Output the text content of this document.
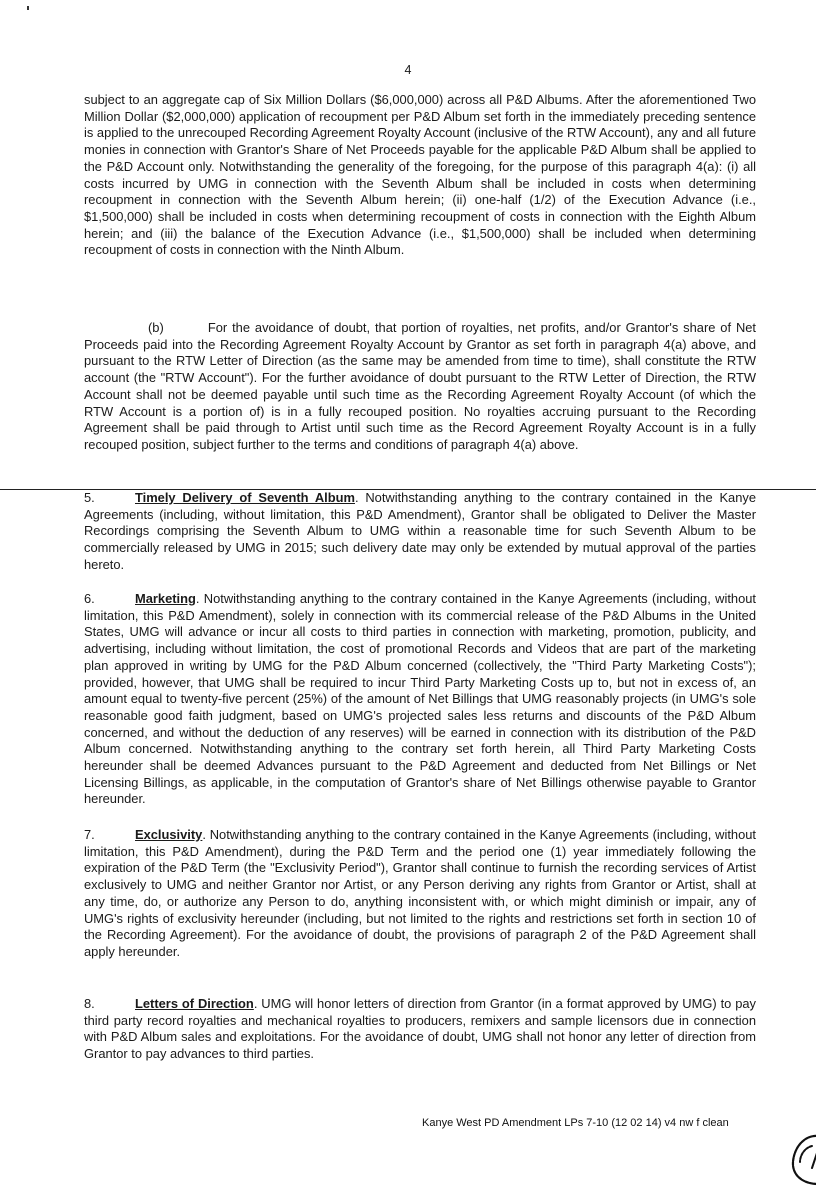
4

subject to an aggregate cap of Six Million Dollars ($6,000,000) across all P&D Albums. After the aforementioned Two Million Dollar ($2,000,000) application of recoupment per P&D Album set forth in the immediately preceding sentence is applied to the unrecouped Recording Agreement Royalty Account (inclusive of the RTW Account), any and all future monies in connection with Grantor's Share of Net Proceeds payable for the applicable P&D Album shall be applied to the P&D Account only. Notwithstanding the generality of the foregoing, for the purpose of this paragraph 4(a): (i) all costs incurred by UMG in connection with the Seventh Album shall be included in costs when determining recoupment in connection with the Seventh Album herein; (ii) one-half (1/2) of the Execution Advance (i.e., $1,500,000) shall be included in costs when determining recoupment of costs in connection with the Eighth Album herein; and (iii) the balance of the Execution Advance (i.e., $1,500,000) shall be included when determining recoupment of costs in connection with the Ninth Album.

(b)	For the avoidance of doubt, that portion of royalties, net profits, and/or Grantor's share of Net Proceeds paid into the Recording Agreement Royalty Account by Grantor as set forth in paragraph 4(a) above, and pursuant to the RTW Letter of Direction (as the same may be amended from time to time), shall constitute the RTW account (the "RTW Account"). For the further avoidance of doubt pursuant to the RTW Letter of Direction, the RTW Account shall not be deemed payable until such time as the Recording Agreement Royalty Account (of which the RTW Account is a portion of) is in a fully recouped position. No royalties accruing pursuant to the Recording Agreement shall be paid through to Artist until such time as the Record Agreement Royalty Account is in a fully recouped position, subject further to the terms and conditions of paragraph 4(a) above.

5.	Timely Delivery of Seventh Album. Notwithstanding anything to the contrary contained in the Kanye Agreements (including, without limitation, this P&D Amendment), Grantor shall be obligated to Deliver the Master Recordings comprising the Seventh Album to UMG within a reasonable time for such Seventh Album to be commercially released by UMG in 2015; such delivery date may only be extended by mutual approval of the parties hereto.

6.	Marketing. Notwithstanding anything to the contrary contained in the Kanye Agreements (including, without limitation, this P&D Amendment), solely in connection with its commercial release of the P&D Albums in the United States, UMG will advance or incur all costs to third parties in connection with marketing, promotion, publicity, and advertising, including without limitation, the cost of promotional Records and Videos that are part of the marketing plan approved in writing by UMG for the P&D Album concerned (collectively, the "Third Party Marketing Costs"); provided, however, that UMG shall be required to incur Third Party Marketing Costs up to, but not in excess of, an amount equal to twenty-five percent (25%) of the amount of Net Billings that UMG reasonably projects (in UMG's sole reasonable good faith judgment, based on UMG's projected sales less returns and discounts of the P&D Album concerned, and without the deduction of any reserves) will be earned in connection with its distribution of the P&D Album concerned. Notwithstanding anything to the contrary set forth herein, all Third Party Marketing Costs hereunder shall be deemed Advances pursuant to the P&D Agreement and deducted from Net Billings or Net Licensing Billings, as applicable, in the computation of Grantor's share of Net Billings otherwise payable to Grantor hereunder.

7.	Exclusivity. Notwithstanding anything to the contrary contained in the Kanye Agreements (including, without limitation, this P&D Amendment), during the P&D Term and the period one (1) year immediately following the expiration of the P&D Term (the "Exclusivity Period"), Grantor shall continue to furnish the recording services of Artist exclusively to UMG and neither Grantor nor Artist, or any Person deriving any rights from Grantor or Artist, shall at any time, do, or authorize any Person to do, anything inconsistent with, or which might diminish or impair, any of UMG's rights of exclusivity hereunder (including, but not limited to the rights and restrictions set forth in section 10 of the Recording Agreement). For the avoidance of doubt, the provisions of paragraph 2 of the P&D Agreement shall apply hereunder.

8.	Letters of Direction. UMG will honor letters of direction from Grantor (in a format approved by UMG) to pay third party record royalties and mechanical royalties to producers, remixers and sample licensors due in connection with P&D Album sales and exploitations. For the avoidance of doubt, UMG shall not honor any letter of direction from Grantor to pay advances to third parties.

Kanye West PD Amendment LPs 7-10 (12 02 14) v4 nw f clean
